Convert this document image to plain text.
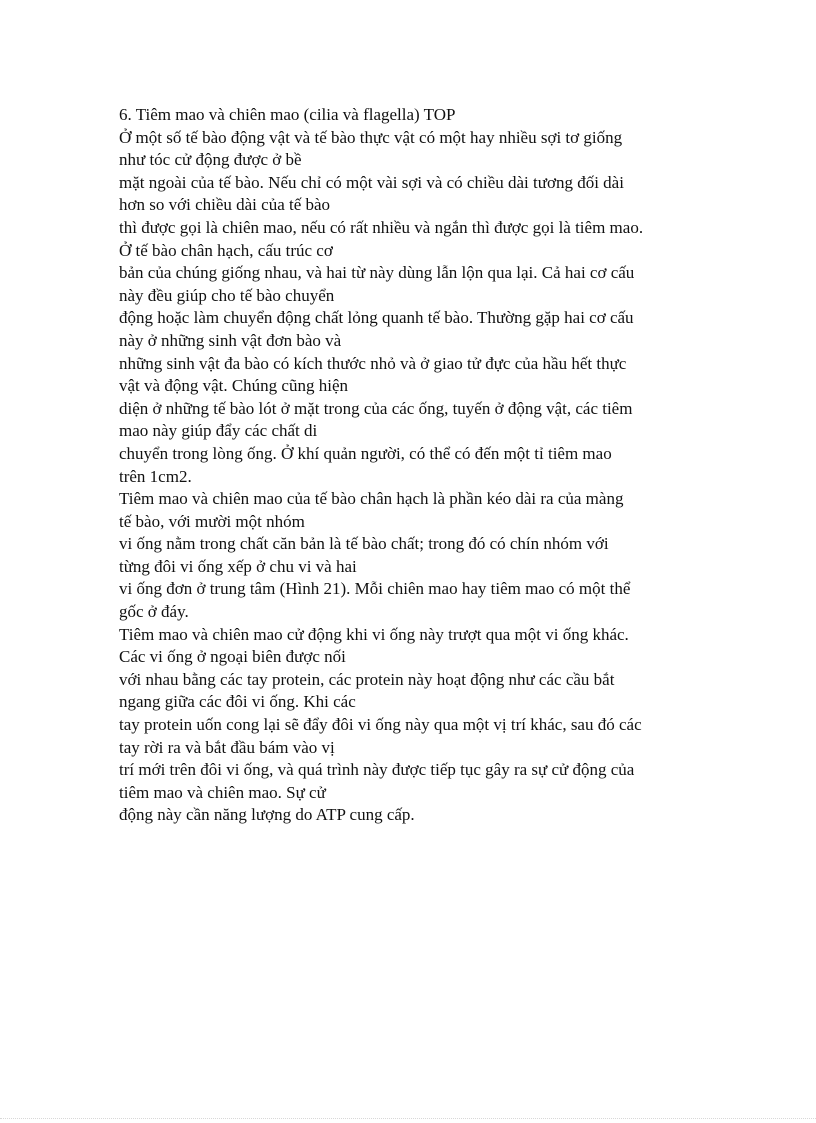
6. Tiêm mao và chiên mao (cilia và flagella) TOP
Ở một số tế bào động vật và tế bào thực vật có một hay nhiều sợi tơ giống
như tóc cử động được ở bề
mặt ngoài của tế bào. Nếu chỉ có một vài sợi và có chiều dài tương đối dài
hơn so với chiều dài của tế bào
thì được gọi là chiên mao, nếu có rất nhiều và ngắn thì được gọi là tiêm mao.
Ở tế bào chân hạch, cấu trúc cơ
bản của chúng giống nhau, và hai từ này dùng lẫn lộn qua lại. Cả hai cơ cấu
này đều giúp cho tế bào chuyển
động hoặc làm chuyển động chất lỏng quanh tế bào. Thường gặp hai cơ cấu
này ở những sinh vật đơn bào và
những sinh vật đa bào có kích thước nhỏ và ở giao tử đực của hầu hết thực
vật và động vật. Chúng cũng hiện
diện ở những tế bào lót ở mặt trong của các ống, tuyến ở động vật, các tiêm
mao này giúp đẩy các chất di
chuyển trong lòng ống. Ở khí quản người, có thể có đến một tỉ tiêm mao
trên 1cm2.
Tiêm mao và chiên mao của tế bào chân hạch là phần kéo dài ra của màng
tế bào, với mười một nhóm
vi ống nằm trong chất căn bản là tế bào chất; trong đó có chín nhóm với
từng đôi vi ống xếp ở chu vi và hai
vi ống đơn ở trung tâm (Hình 21). Mỗi chiên mao hay tiêm mao có một thể
gốc ở đáy.
Tiêm mao và chiên mao cử động khi vi ống này trượt qua một vi ống khác.
Các vi ống ở ngoại biên được nối
với nhau bằng các tay protein, các protein này hoạt động như các cầu bắt
ngang giữa các đôi vi ống. Khi các
tay protein uốn cong lại sẽ đẩy đôi vi ống này qua một vị trí khác, sau đó các
tay rời ra và bắt đầu bám vào vị
trí mới trên đôi vi ống, và quá trình này được tiếp tục gây ra sự cử động của
tiêm mao và chiên mao. Sự cử
động này cần năng lượng do ATP cung cấp.
